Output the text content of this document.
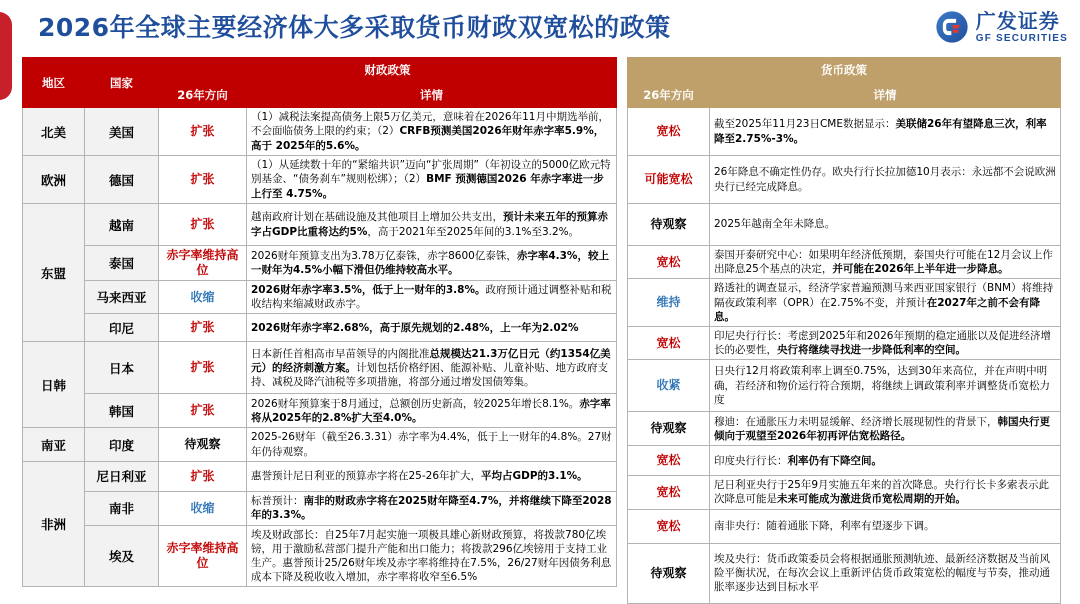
2026年全球主要经济体大多采取货币财政双宽松的政策	广发证券
GF SECURITIES
地区	国家	财政政策	
		26年方向	详情
北美	美国	扩张	（1）减税法案提高债务上限5万亿美元，意味着在2026年11月中期选举前，不会面临债务上限的约束；（2）CRFB预测美国2026年财年赤字率5.9%，高于 2025年的5.6%。
欧洲	德国	扩张	（1）从延续数十年的“紧缩共识”迈向“扩张周期”（年初设立的5000亿欧元特别基金、“债务刹车”规则松绑）；（2）BMF 预测德国2026 年赤字率进一步上行至 4.75%。
东盟	越南	扩张	越南政府计划在基础设施及其他项目上增加公共支出，预计未来五年的预算赤字占GDP比重将达约5%，高于2021年至2025年间的3.1%至3.2%。
	泰国	赤字率维持高位	2026财年预算支出为3.78万亿泰铢，赤字8600亿泰铢，赤字率4.3%，较上一财年为4.5%小幅下滑但仍维持较高水平。
	马来西亚	收缩	2026财年赤字率3.5%，低于上一财年的3.8%。政府预计通过调整补贴和税收结构来缩减财政赤字。
	印尼	扩张	2026财年赤字率2.68%，高于原先规划的2.48%，上一年为2.02%
日韩	日本	扩张	日本新任首相高市早苗领导的内阁批准总规模达21.3万亿日元（约1354亿美元）的经济刺激方案。计划包括价格纾困、能源补贴、儿童补贴、地方政府支持、减税及降汽油税等多项措施，将部分通过增发国债筹集。
	韩国	扩张	2026财年预算案于8月通过，总额创历史新高，较2025年增长8.1%。赤字率将从2025年的2.8%扩大至4.0%。
南亚	印度	待观察	2025-26财年（截至26.3.31）赤字率为4.4%，低于上一财年的4.8%。27财年仍待观察。
非洲	尼日利亚	扩张	惠誉预计尼日利亚的预算赤字将在25-26年扩大，平均占GDP的3.1%。
	南非	收缩	标普预计：南非的财政赤字将在2025财年降至4.7%，并将继续下降至2028年的3.3%。
	埃及	赤字率维持高位	埃及财政部长：自25年7月起实施一项极具雄心新财政预算，将拨款780亿埃镑，用于激励私营部门提升产能和出口能力；将拨款296亿埃镑用于支持工业生产。惠誉预计25/26财年埃及赤字率将维持在7.5%，26/27财年因债务利息成本下降及税收收入增加，赤字率将收窄至6.5%
货币政策	
26年方向	详情
宽松	截至2025年11月23日CME数据显示：美联储26年有望降息三次，利率降至2.75%-3%。
可能宽松	26年降息不确定性仍存。欧央行行长拉加德10月表示：永远都不会说欧洲央行已经完成降息。
待观察	2025年越南全年未降息。
宽松	泰国开泰研究中心：如果明年经济低预期，泰国央行可能在12月会议上作出降息25个基点的决定，并可能在2026年上半年进一步降息。
维持	路透社的调查显示，经济学家普遍预测马来西亚国家银行（BNM）将维持隔夜政策利率（OPR）在2.75%不变，并预计在2027年之前不会有降息。
宽松	印尼央行行长：考虑到2025年和2026年预期的稳定通胀以及促进经济增长的必要性，央行将继续寻找进一步降低利率的空间。
收紧	日央行12月将政策利率上调至0.75%，达到30年来高位，并在声明中明确，若经济和物价运行符合预期，将继续上调政策利率并调整货币宽松力度
待观察	穆迪：在通胀压力未明显缓解、经济增长展现韧性的背景下，韩国央行更倾向于观望至2026年初再评估宽松路径。
宽松	印度央行行长：利率仍有下降空间。
宽松	尼日利亚央行于25年9月实施五年来的首次降息。央行行长卡多索表示此次降息可能是未来可能成为激进货币宽松周期的开始。
宽松	南非央行：随着通胀下降，利率有望逐步下调。
待观察	埃及央行：货币政策委员会将根据通胀预测轨迹、最新经济数据及当前风险平衡状况，在每次会议上重新评估货币政策宽松的幅度与节奏，推动通胀率逐步达到目标水平
